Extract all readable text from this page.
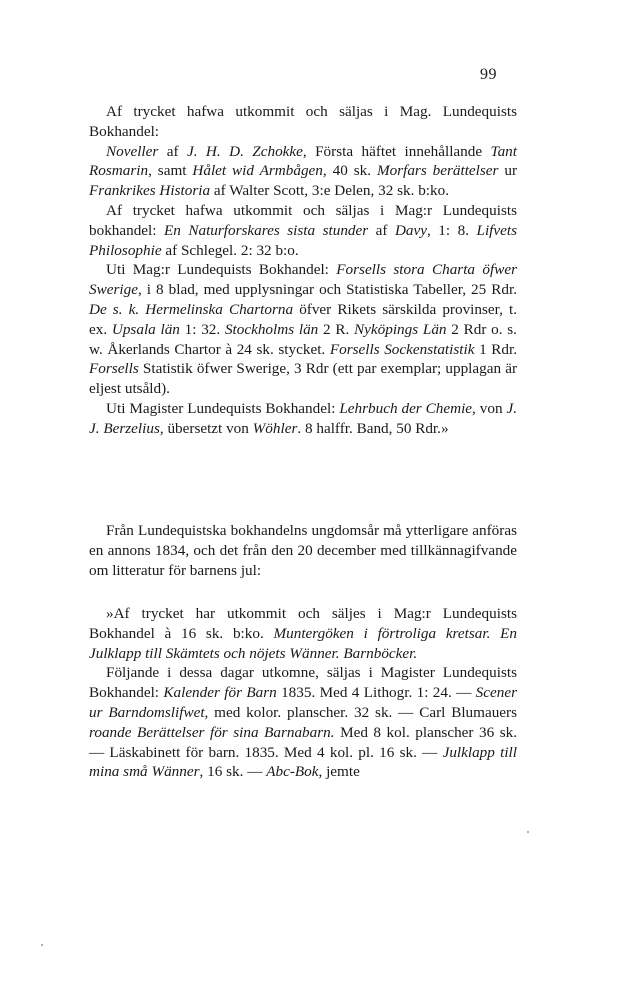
99

Af trycket hafwa utkommit och säljas i Mag. Lundequists Bokhandel:

Noveller af J. H. D. Zchokke, Första häftet innehållande Tant Rosmarin, samt Hålet wid Armbågen, 40 sk. Morfars berättelser ur Frankrikes Historia af Walter Scott, 3:e Delen, 32 sk. b:ko.

Af trycket hafwa utkommit och säljas i Mag:r Lundequists bokhandel: En Naturforskares sista stunder af Davy, 1: 8. Lifvets Philosophie af Schlegel. 2: 32 b:o.

Uti Mag:r Lundequists Bokhandel: Forsells stora Charta öfwer Swerige, i 8 blad, med upplysningar och Statistiska Tabeller, 25 Rdr. De s. k. Hermelinska Chartorna öfver Rikets särskilda provinser, t. ex. Upsala län 1: 32. Stockholms län 2 R. Nyköpings Län 2 Rdr o. s. w. Åkerlands Chartor à 24 sk. stycket. Forsells Sockenstatistik 1 Rdr. Forsells Statistik öfwer Swerige, 3 Rdr (ett par exemplar; upplagan är eljest utsåld).

Uti Magister Lundequists Bokhandel: Lehrbuch der Chemie, von J. J. Berzelius, übersetzt von Wöhler. 8 halffr. Band, 50 Rdr.»

Från Lundequistska bokhandelns ungdomsår må ytterligare anföras en annons 1834, och det från den 20 december med tillkännagifvande om litteratur för barnens jul:

»Af trycket har utkommit och säljes i Mag:r Lundequists Bokhandel à 16 sk. b:ko. Muntergöken i förtroliga kretsar. En Julklapp till Skämtets och nöjets Wänner. Barnböcker.

Följande i dessa dagar utkomne, säljas i Magister Lundequists Bokhandel: Kalender för Barn 1835. Med 4 Lithogr. 1: 24. — Scener ur Barndomslifwet, med kolor. planscher. 32 sk. — Carl Blumauers roande Berättelser för sina Barnabarn. Med 8 kol. planscher 36 sk. — Läskabinett för barn. 1835. Med 4 kol. pl. 16 sk. — Julklapp till mina små Wänner, 16 sk. — Abc-Bok, jemte
